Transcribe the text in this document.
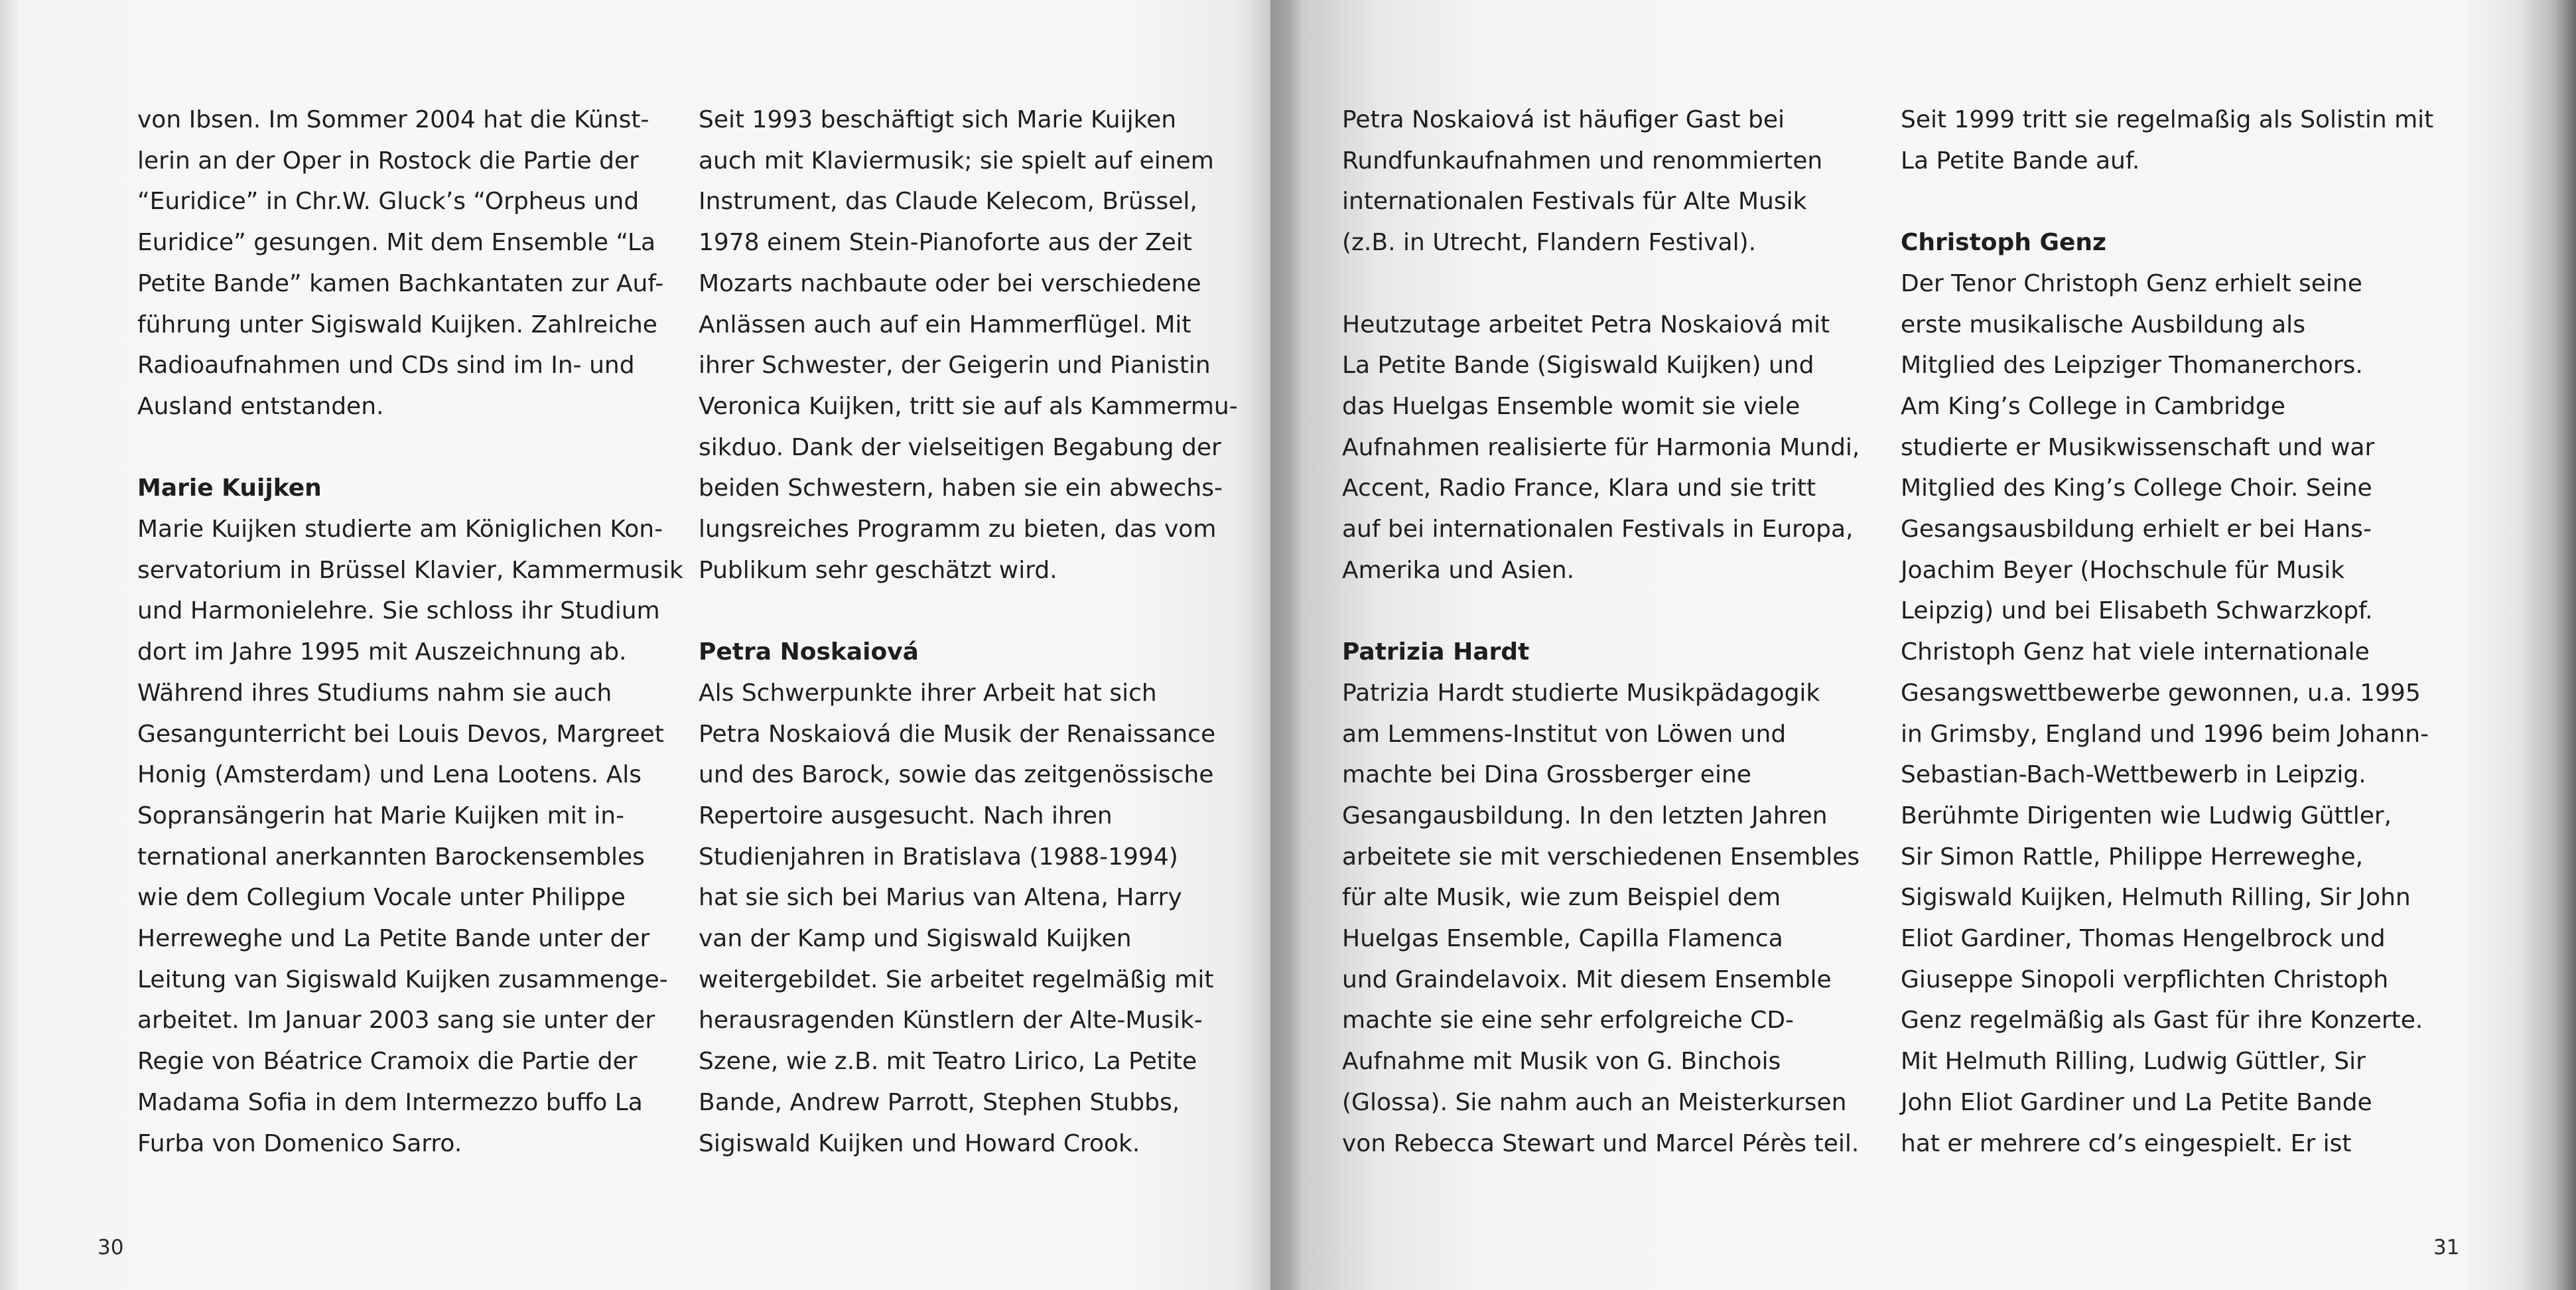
von Ibsen. Im Sommer 2004 hat die Künst-
lerin an der Oper in Rostock die Partie der
“Euridice” in Chr.W. Gluck’s “Orpheus und
Euridice” gesungen. Mit dem Ensemble “La
Petite Bande” kamen Bachkantaten zur Auf-
führung unter Sigiswald Kuijken. Zahlreiche
Radioaufnahmen und CDs sind im In- und
Ausland entstanden.
Marie Kuijken
Marie Kuijken studierte am Königlichen Kon-
servatorium in Brüssel Klavier, Kammermusik
und Harmonielehre. Sie schloss ihr Studium
dort im Jahre 1995 mit Auszeichnung ab.
Während ihres Studiums nahm sie auch
Gesangunterricht bei Louis Devos, Margreet
Honig (Amsterdam) und Lena Lootens. Als
Sopransängerin hat Marie Kuijken mit in-
ternational anerkannten Barockensembles
wie dem Collegium Vocale unter Philippe
Herreweghe und La Petite Bande unter der
Leitung van Sigiswald Kuijken zusammenge-
arbeitet. Im Januar 2003 sang sie unter der
Regie von Béatrice Cramoix die Partie der
Madama Sofia in dem Intermezzo buffo La
Furba von Domenico Sarro.
Seit 1993 beschäftigt sich Marie Kuijken
auch mit Klaviermusik; sie spielt auf einem
Instrument, das Claude Kelecom, Brüssel,
1978 einem Stein-Pianoforte aus der Zeit
Mozarts nachbaute oder bei verschiedene
Anlässen auch auf ein Hammerflügel. Mit
ihrer Schwester, der Geigerin und Pianistin
Veronica Kuijken, tritt sie auf als Kammermu-
sikduo. Dank der vielseitigen Begabung der
beiden Schwestern, haben sie ein abwechs-
lungsreiches Programm zu bieten, das vom
Publikum sehr geschätzt wird.
Petra Noskaiová
Als Schwerpunkte ihrer Arbeit hat sich
Petra Noskaiová die Musik der Renaissance
und des Barock, sowie das zeitgenössische
Repertoire ausgesucht. Nach ihren
Studienjahren in Bratislava (1988-1994)
hat sie sich bei Marius van Altena, Harry
van der Kamp und Sigiswald Kuijken
weitergebildet. Sie arbeitet regelmäßig mit
herausragenden Künstlern der Alte-Musik-
Szene, wie z.B. mit Teatro Lirico, La Petite
Bande, Andrew Parrott, Stephen Stubbs,
Sigiswald Kuijken und Howard Crook.
30
Petra Noskaiová ist häufiger Gast bei
Rundfunkaufnahmen und renommierten
internationalen Festivals für Alte Musik
(z.B. in Utrecht, Flandern Festival).
Heutzutage arbeitet Petra Noskaiová mit
La Petite Bande (Sigiswald Kuijken) und
das Huelgas Ensemble womit sie viele
Aufnahmen realisierte für Harmonia Mundi,
Accent, Radio France, Klara und sie tritt
auf bei internationalen Festivals in Europa,
Amerika und Asien.
Patrizia Hardt
Patrizia Hardt studierte Musikpädagogik
am Lemmens-Institut von Löwen und
machte bei Dina Grossberger eine
Gesangausbildung. In den letzten Jahren
arbeitete sie mit verschiedenen Ensembles
für alte Musik, wie zum Beispiel dem
Huelgas Ensemble, Capilla Flamenca
und Graindelavoix. Mit diesem Ensemble
machte sie eine sehr erfolgreiche CD-
Aufnahme mit Musik von G. Binchois
(Glossa). Sie nahm auch an Meisterkursen
von Rebecca Stewart und Marcel Pérès teil.
Seit 1999 tritt sie regelmaßig als Solistin mit
La Petite Bande auf.
Christoph Genz
Der Tenor Christoph Genz erhielt seine
erste musikalische Ausbildung als
Mitglied des Leipziger Thomanerchors.
Am King’s College in Cambridge
studierte er Musikwissenschaft und war
Mitglied des King’s College Choir. Seine
Gesangsausbildung erhielt er bei Hans-
Joachim Beyer (Hochschule für Musik
Leipzig) und bei Elisabeth Schwarzkopf.
Christoph Genz hat viele internationale
Gesangswettbewerbe gewonnen, u.a. 1995
in Grimsby, England und 1996 beim Johann-
Sebastian-Bach-Wettbewerb in Leipzig.
Berühmte Dirigenten wie Ludwig Güttler,
Sir Simon Rattle, Philippe Herreweghe,
Sigiswald Kuijken, Helmuth Rilling, Sir John
Eliot Gardiner, Thomas Hengelbrock und
Giuseppe Sinopoli verpflichten Christoph
Genz regelmäßig als Gast für ihre Konzerte.
Mit Helmuth Rilling, Ludwig Güttler, Sir
John Eliot Gardiner und La Petite Bande
hat er mehrere cd’s eingespielt. Er ist
31
